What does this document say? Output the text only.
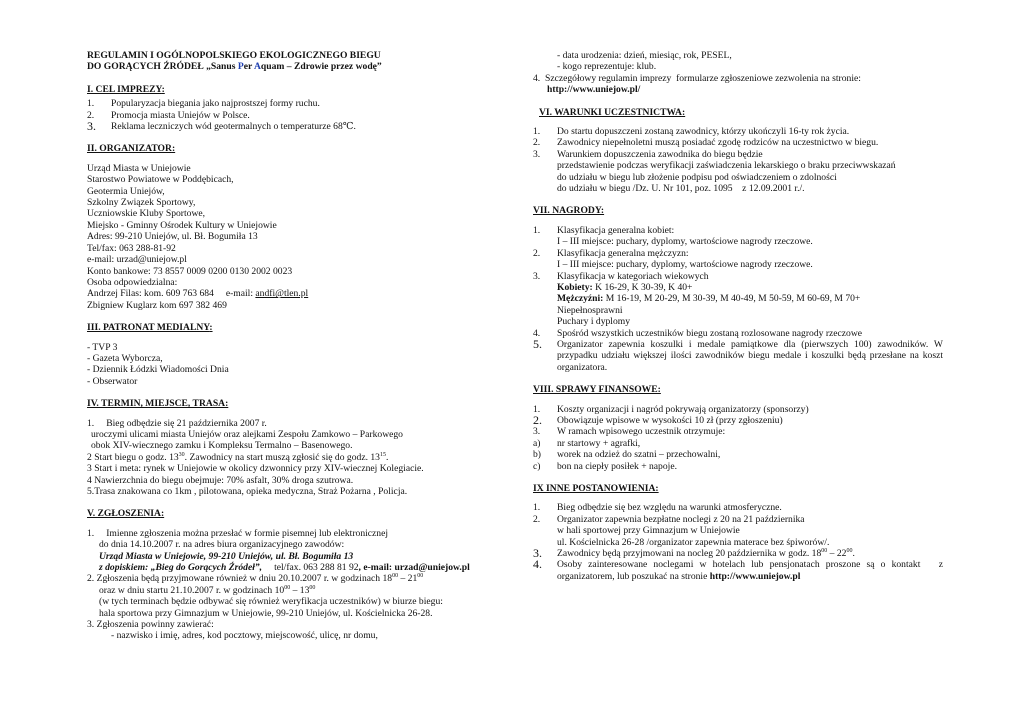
REGULAMIN I OGÓLNOPOLSKIEGO EKOLOGICZNEGO BIEGU
DO GORĄCYCH ŹRÓDEŁ „Sanus Per Aquam – Zdrowie przez wodę”
I. CEL IMPREZY:
1.	Popularyzacja biegania jako najprostszej formy ruchu.
2.	Promocja miasta Uniejów w Polsce.
3.	Reklama leczniczych wód geotermalnych o temperaturze 68℃.
II. ORGANIZATOR:
Urząd Miasta w Uniejowie
Starostwo Powiatowe w Poddębicach,
Geotermia Uniejów,
Szkolny Związek Sportowy,
Uczniowskie Kluby Sportowe,
Miejsko - Gminny Ośrodek Kultury w Uniejowie
Adres: 99-210 Uniejów, ul. Bł. Bogumiła 13
Tel/fax: 063 288-81-92
e-mail: urzad@uniejow.pl
Konto bankowe: 73 8557 0009 0200 0130 2002 0023
Osoba odpowiedzialna:
Andrzej Filas: kom. 609 763 684     e-mail: andfi@tlen.pl
Zbigniew Kuglarz kom 697 382 469
III. PATRONAT MEDIALNY:
- TVP 3
- Gazeta Wyborcza,
- Dziennik Łódzki Wiadomości Dnia
- Obserwator
IV. TERMIN, MIEJSCE, TRASA:
1.     Bieg odbędzie się 21 października 2007 r.
uroczymi ulicami miasta Uniejów oraz alejkami Zespołu Zamkowo – Parkowego
obok XIV-wiecznego zamku i Kompleksu Termalno – Basenowego.
2 Start biegu o godz. $13^{30}$. Zawodnicy na start muszą zgłosić się do godz. $13^{15}$.
3 Start i meta: rynek w Uniejowie w okolicy dzwonnicy przy XIV-wiecznej Kolegiacie.
4 Nawierzchnia do biegu obejmuje: 70% asfalt, 30% droga szutrowa.
5.Trasa znakowana co 1km , pilotowana, opieka medyczna, Straż Pożarna , Policja.
V. ZGŁOSZENIA:
1.     Imienne zgłoszenia można przesłać w formie pisemnej lub elektronicznej
do dnia 14.10.2007 r. na adres biura organizacyjnego zawodów:
Urząd Miasta w Uniejowie, 99-210 Uniejów, ul. Bł. Bogumiła 13
z dopiskiem: „Bieg do Gorących Źródeł”,     tel/fax. 063 288 81 92, e-mail: urzad@uniejow.pl
2. Zgłoszenia będą przyjmowane również w dniu 20.10.2007 r. w godzinach $18^{00} - 21^{00}$
oraz w dniu startu 21.10.2007 r. w godzinach $10^{00} - 13^{00}$
(w tych terminach będzie odbywać się również weryfikacja uczestników) w biurze biegu:
hala sportowa przy Gimnazjum w Uniejowie, 99-210 Uniejów, ul. Kościelnicka 26-28.
3. Zgłoszenia powinny zawierać:
- nazwisko i imię, adres, kod pocztowy, miejscowość, ulicę, nr domu,
- data urodzenia: dzień, miesiąc, rok, PESEL,
- kogo reprezentuje: klub.
4.  Szczegółowy regulamin imprezy  formularze zgłoszeniowe zezwolenia na stronie:
http://www.uniejow.pl/
VI. WARUNKI UCZESTNICTWA:
1.	Do startu dopuszczeni zostaną zawodnicy, którzy ukończyli 16-ty rok życia.
2.	Zawodnicy niepełnoletni muszą posiadać zgodę rodziców na uczestnictwo w biegu.
3.	Warunkiem dopuszczenia zawodnika do biegu będzie
przedstawienie podczas weryfikacji zaświadczenia lekarskiego o braku przeciwwskazań
do udziału w biegu lub złożenie podpisu pod oświadczeniem o zdolności
do udziału w biegu /Dz. U. Nr 101, poz. 1095    z 12.09.2001 r./.
VII. NAGRODY:
1.	Klasyfikacja generalna kobiet:
I – III miejsce: puchary, dyplomy, wartościowe nagrody rzeczowe.
2.	Klasyfikacja generalna mężczyzn:
I – III miejsce: puchary, dyplomy, wartościowe nagrody rzeczowe.
3.	Klasyfikacja w kategoriach wiekowych
Kobiety: K 16-29, K 30-39, K 40+
Mężczyźni: M 16-19, M 20-29, M 30-39, M 40-49, M 50-59, M 60-69, M 70+
Niepełnosprawni
Puchary i dyplomy
4.	Spośród wszystkich uczestników biegu zostaną rozlosowane nagrody rzeczowe
5.	Organizator zapewnia koszulki i medale pamiątkowe dla (pierwszych 100) zawodników. W przypadku udziału większej ilości zawodników biegu medale i koszulki będą przesłane na koszt organizatora.
VIII. SPRAWY FINANSOWE:
1.	Koszty organizacji i nagród pokrywają organizatorzy (sponsorzy)
2.	Obowiązuje wpisowe w wysokości 10 zł (przy zgłoszeniu)
3.	W ramach wpisowego uczestnik otrzymuje:
a)	nr startowy + agrafki,
b)	worek na odzież do szatni – przechowalni,
c)	bon na ciepły posiłek + napoje.
IX INNE POSTANOWIENIA:
1.	Bieg odbędzie się bez względu na warunki atmosferyczne.
2.	Organizator zapewnia bezpłatne noclegi z 20 na 21 października
w hali sportowej przy Gimnazjum w Uniejowie
ul. Kościelnicka 26-28 /organizator zapewnia materace bez śpiworów/.
3.	Zawodnicy będą przyjmowani na nocleg 20 października w godz. $18^{00} - 22^{00}$.
4.	Osoby zainteresowane noclegami w hotelach lub pensjonatach proszone są o kontakt   z organizatorem, lub poszukać na stronie http://www.uniejow.pl
